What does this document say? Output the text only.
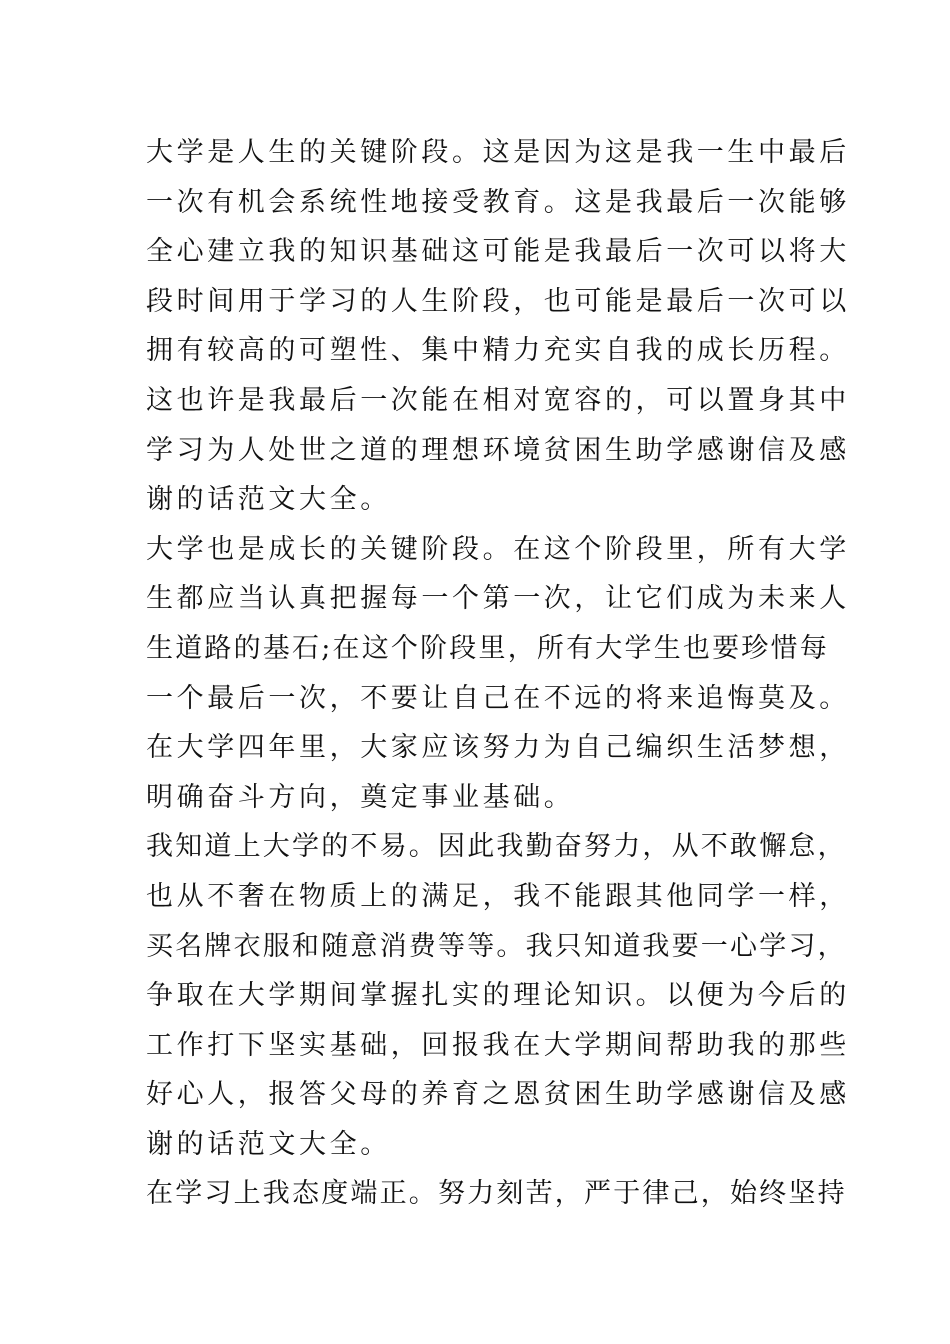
大学是人生的关键阶段。这是因为这是我一生中最后
一次有机会系统性地接受教育。这是我最后一次能够
全心建立我的知识基础这可能是我最后一次可以将大
段时间用于学习的人生阶段，也可能是最后一次可以
拥有较高的可塑性、集中精力充实自我的成长历程。
这也许是我最后一次能在相对宽容的，可以置身其中
学习为人处世之道的理想环境贫困生助学感谢信及感
谢的话范文大全。
大学也是成长的关键阶段。在这个阶段里，所有大学
生都应当认真把握每一个第一次，让它们成为未来人
生道路的基石;在这个阶段里，所有大学生也要珍惜每
一个最后一次，不要让自己在不远的将来追悔莫及。
在大学四年里，大家应该努力为自己编织生活梦想，
明确奋斗方向，奠定事业基础。
我知道上大学的不易。因此我勤奋努力，从不敢懈怠，
也从不奢在物质上的满足，我不能跟其他同学一样，
买名牌衣服和随意消费等等。我只知道我要一心学习，
争取在大学期间掌握扎实的理论知识。以便为今后的
工作打下坚实基础，回报我在大学期间帮助我的那些
好心人，报答父母的养育之恩贫困生助学感谢信及感
谢的话范文大全。
在学习上我态度端正。努力刻苦，严于律己，始终坚持
